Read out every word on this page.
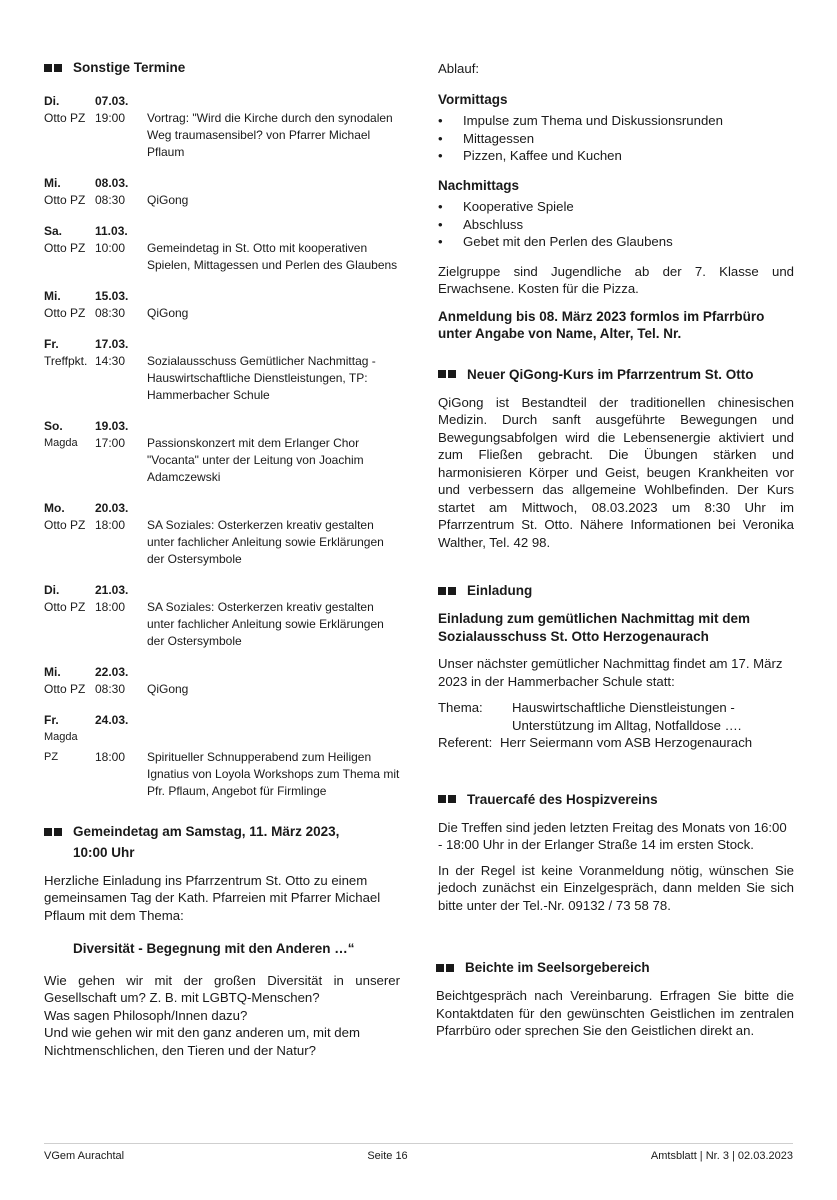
Sonstige Termine
Di.	07.03.
Otto PZ 19:00	Vortrag: "Wird die Kirche durch den synodalen Weg traumasensibel? von Pfarrer Michael Pflaum
Mi.	08.03.
Otto PZ 08:30	QiGong
Sa.	11.03.
Otto PZ 10:00	Gemeindetag in St. Otto mit kooperativen Spielen, Mittagessen und Perlen des Glaubens
Mi.	15.03.
Otto PZ 08:30	QiGong
Fr.	17.03.
Treffpkt. 14:30	Sozialausschuss Gemütlicher Nachmittag - Hauswirtschaftliche Dienstleistungen, TP: Hammerbacher Schule
So.	19.03.
Magda	17:00	Passionskonzert mit dem Erlanger Chor "Vocanta" unter der Leitung von Joachim Adamczewski
Mo.	20.03.
Otto PZ 18:00	SA Soziales: Osterkerzen kreativ gestalten unter fachlicher Anleitung sowie Erklärungen der Ostersymbole
Di.	21.03.
Otto PZ 18:00	SA Soziales: Osterkerzen kreativ gestalten unter fachlicher Anleitung sowie Erklärungen der Ostersymbole
Mi.	22.03.
Otto PZ 08:30	QiGong
Fr.	24.03.
Magda
PZ	18:00	Spiritueller Schnupperabend zum Heiligen Ignatius von Loyola Workshops zum Thema mit Pfr. Pflaum, Angebot für Firmlinge
Gemeindetag am Samstag, 11. März 2023,
10:00 Uhr

Herzliche Einladung ins Pfarrzentrum St. Otto zu einem gemeinsamen Tag der Kath. Pfarreien mit Pfarrer Michael Pflaum mit dem Thema:

Diversität - Begegnung mit den Anderen …“

Wie gehen wir mit der großen Diversität in unserer Gesellschaft um? Z. B. mit LGBTQ-Menschen?

Was sagen Philosoph/Innen dazu?

Und wie gehen wir mit den ganz anderen um, mit dem Nichtmenschlichen, den Tieren und der Natur?

Ablauf:

Vormittags

•	Impulse zum Thema und Diskussionsrunden
•	Mittagessen
•	Pizzen, Kaffee und Kuchen

Nachmittags

•	Kooperative Spiele
•	Abschluss
•	Gebet mit den Perlen des Glaubens

Zielgruppe sind Jugendliche ab der 7. Klasse und Erwachsene. Kosten für die Pizza.

Anmeldung bis 08. März 2023 formlos im Pfarrbüro unter Angabe von Name, Alter, Tel. Nr.

Neuer QiGong-Kurs im Pfarrzentrum St. Otto

QiGong ist Bestandteil der traditionellen chinesischen Medizin. Durch sanft ausgeführte Bewegungen und Bewegungsabfolgen wird die Lebensenergie aktiviert und zum Fließen gebracht. Die Übungen stärken und harmonisieren Körper und Geist, beugen Krankheiten vor und verbessern das allgemeine Wohlbefinden. Der Kurs startet am Mittwoch, 08.03.2023 um 8:30 Uhr im Pfarrzentrum St. Otto. Nähere Informationen bei Veronika Walther, Tel. 42 98.

Einladung

Einladung zum gemütlichen Nachmittag mit dem Sozialausschuss St. Otto Herzogenaurach

Unser nächster gemütlicher Nachmittag findet am 17. März 2023 in der Hammerbacher Schule statt:

Thema:	Hauswirtschaftliche Dienstleistungen -
Unterstützung im Alltag, Notfalldose ….
Referent: Herr Seiermann vom ASB Herzogenaurach
Trauercafé des Hospizvereins

Die Treffen sind jeden letzten Freitag des Monats von 16:00 - 18:00 Uhr in der Erlanger Straße 14 im ersten Stock.

In der Regel ist keine Voranmeldung nötig, wünschen Sie jedoch zunächst ein Einzelgespräch, dann melden Sie sich bitte unter der Tel.-Nr. 09132 / 73 58 78.

Beichte im Seelsorgebereich

Beichtgespräch nach Vereinbarung. Erfragen Sie bitte die Kontaktdaten für den gewünschten Geistlichen im zentralen Pfarrbüro oder sprechen Sie den Geistlichen direkt an.

VGem Aurachtal	Seite 16	Amtsblatt | Nr. 3 | 02.03.2023
